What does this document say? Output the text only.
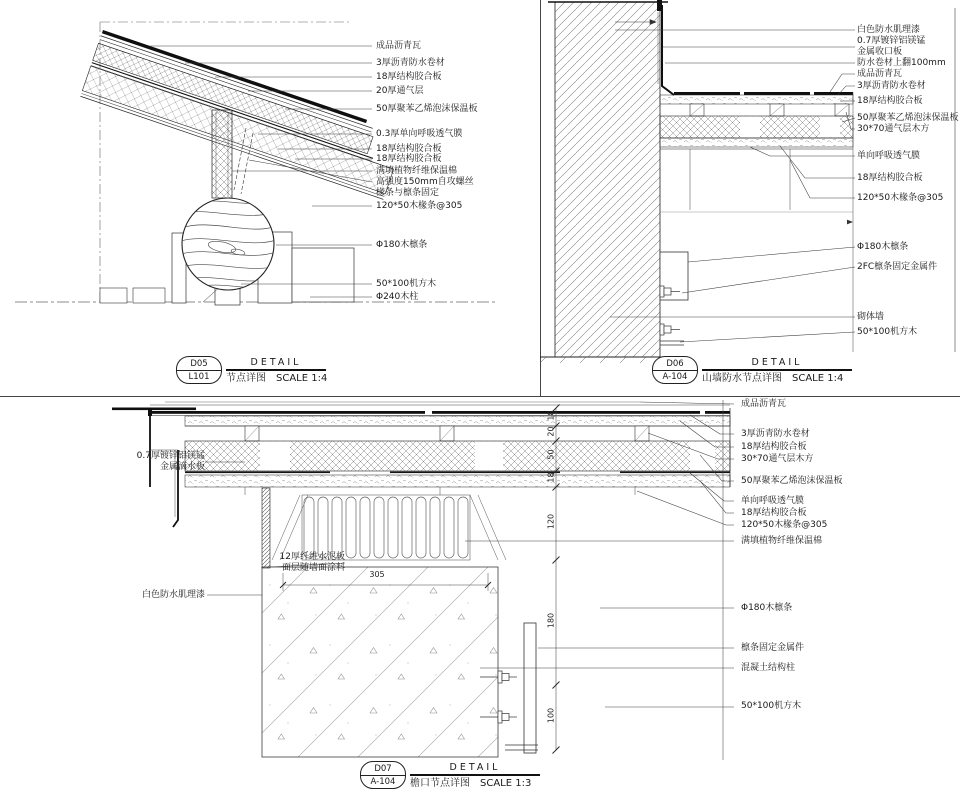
成品沥青瓦
3厚沥青防水卷材
18厚结构胶合板
20厚通气层
50厚聚苯乙烯泡沫保温板
0.3厚单向呼吸透气膜
18厚结构胶合板
18厚结构胶合板
满填植物纤维保温棉
高强度150mm自攻螺丝
椽条与檩条固定
120*50木椽条@305
Φ180木檩条
50*100机方木
Φ240木柱
白色防水肌理漆
0.7厚镀锌铝镁锰
金属收口板
防水卷材上翻100mm
成品沥青瓦
3厚沥青防水卷材
18厚结构胶合板
50厚聚苯乙烯泡沫保温板
30*70通气层木方
单向呼吸透气膜
18厚结构胶合板
120*50木椽条@305
Φ180木檩条
2FC檩条固定金属件
砌体墙
50*100机方木
0.7厚镀锌铝镁锰
金属滴水板
12厚纤维水泥板
面层随墙面涂料
白色防水肌理漆
成品沥青瓦
3厚沥青防水卷材
18厚结构胶合板
30*70通气层木方
50厚聚苯乙烯泡沫保温板
单向呼吸透气膜
18厚结构胶合板
120*50木椽条@305
满填植物纤维保温棉
Φ180木檩条
檩条固定金属件
混凝土结构柱
50*100机方木
18
20
50
18
120
180
100
305
D05
L101
DETAIL
节点详图 SCALE 1:4
D06
A-104
DETAIL
山墙防水节点详图 SCALE 1:4
D07
A-104
DETAIL
檐口节点详图 SCALE 1:3
